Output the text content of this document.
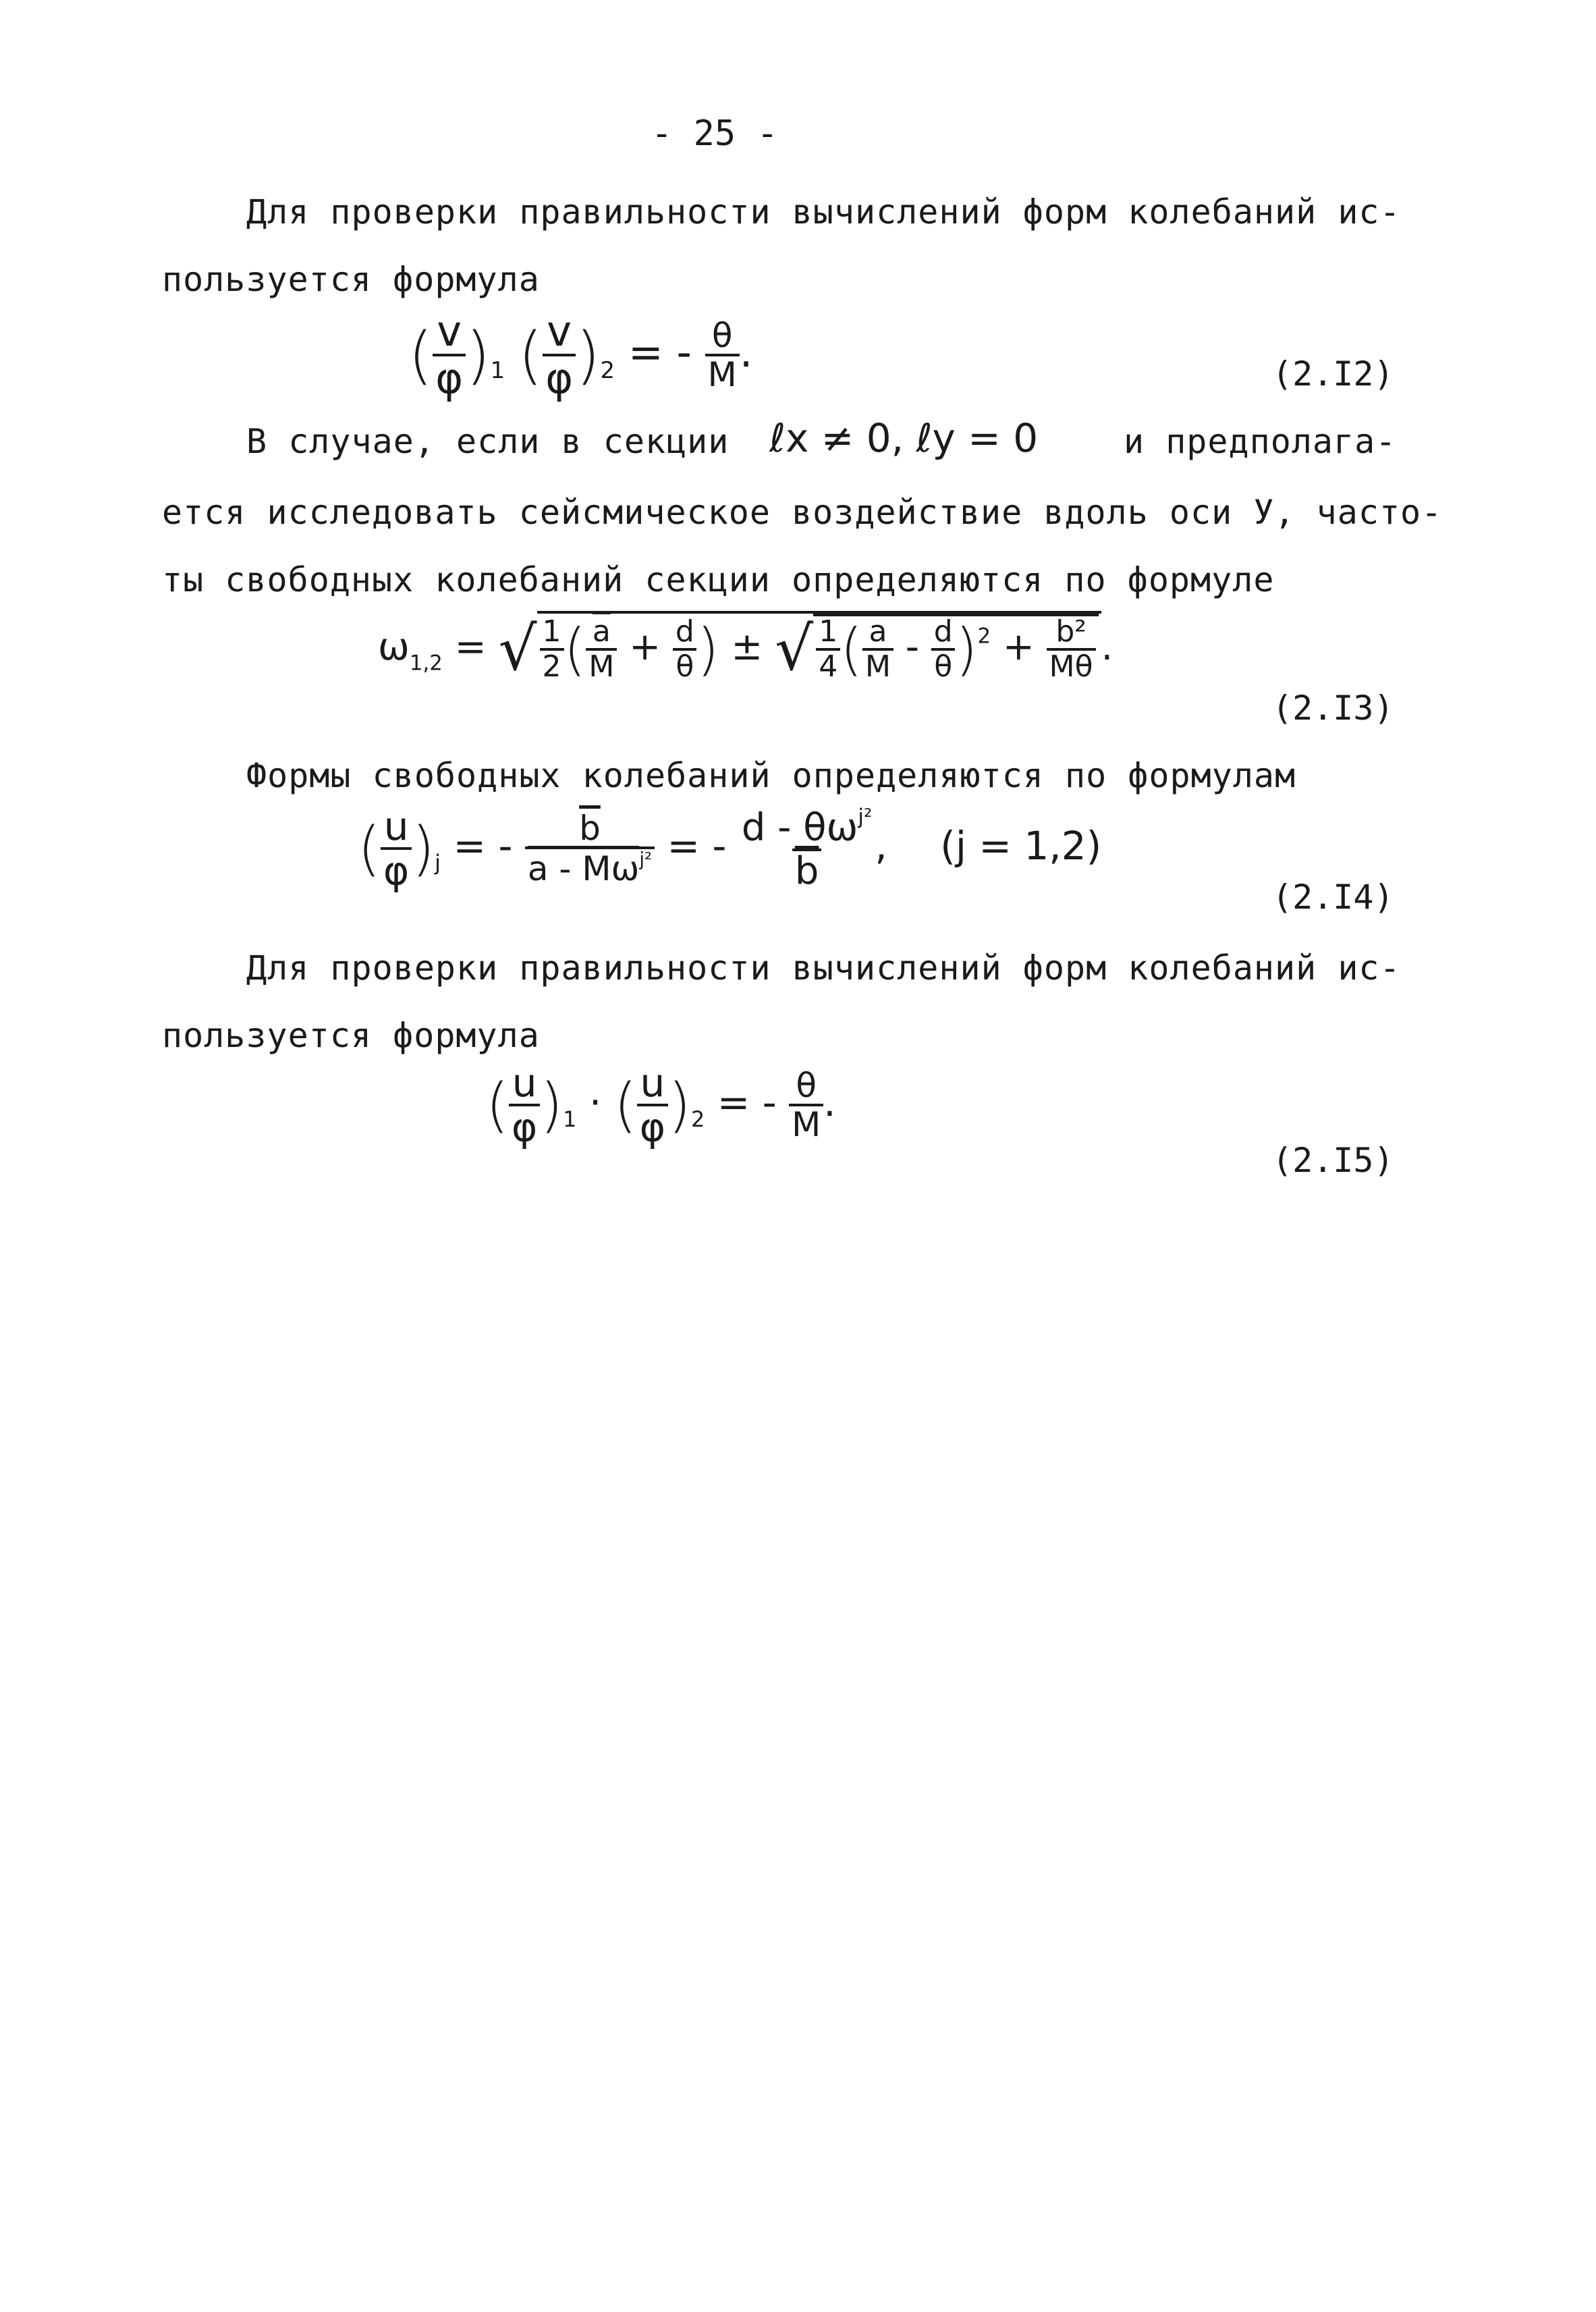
- 25 -
Для проверки правильности вычислений форм колебаний ис-
пользуется формула
( $\frac{v}{\varphi} )_1$ ( $\frac{v}{\varphi} )_2$ = - $\frac{\theta}{M}$ .	(2.I2)
В случае, если в секции ℓx ≠ 0, ℓy = 0	и предполага-
ется исследовать сейсмическое воздействие вдоль оси У, часто-
ты свободных колебаний секции определяются по формуле
$\omega_{1,2}$ = √ $\frac{1}{2}$ ( $\frac{\overline{a}}{M} + \frac{d}{\theta}$ ) ± √ $\frac{1}{4}$ ( $\frac{\overline{a}}{M} - \frac{d}{\theta} )^2 + \frac{\text{b²}}{M\theta}$ .
(2.I3)
Формы свободных колебаний определяются по формулам
( $\frac{u}{\varphi} )_j$ = - $\frac{\overline{b}}{a - M\omega^{j^2}}$ = - $\frac{d - \theta\omega^{j^2}}{b}$ , (j = 1,2)
(2.I4)
Для проверки правильности вычислений форм колебаний ис-
пользуется формула
( $\frac{u}{\varphi} )_1$ · ( $\frac{u}{\varphi} )_2$ = - $\frac{\theta}{M}$ .
(2.I5)
